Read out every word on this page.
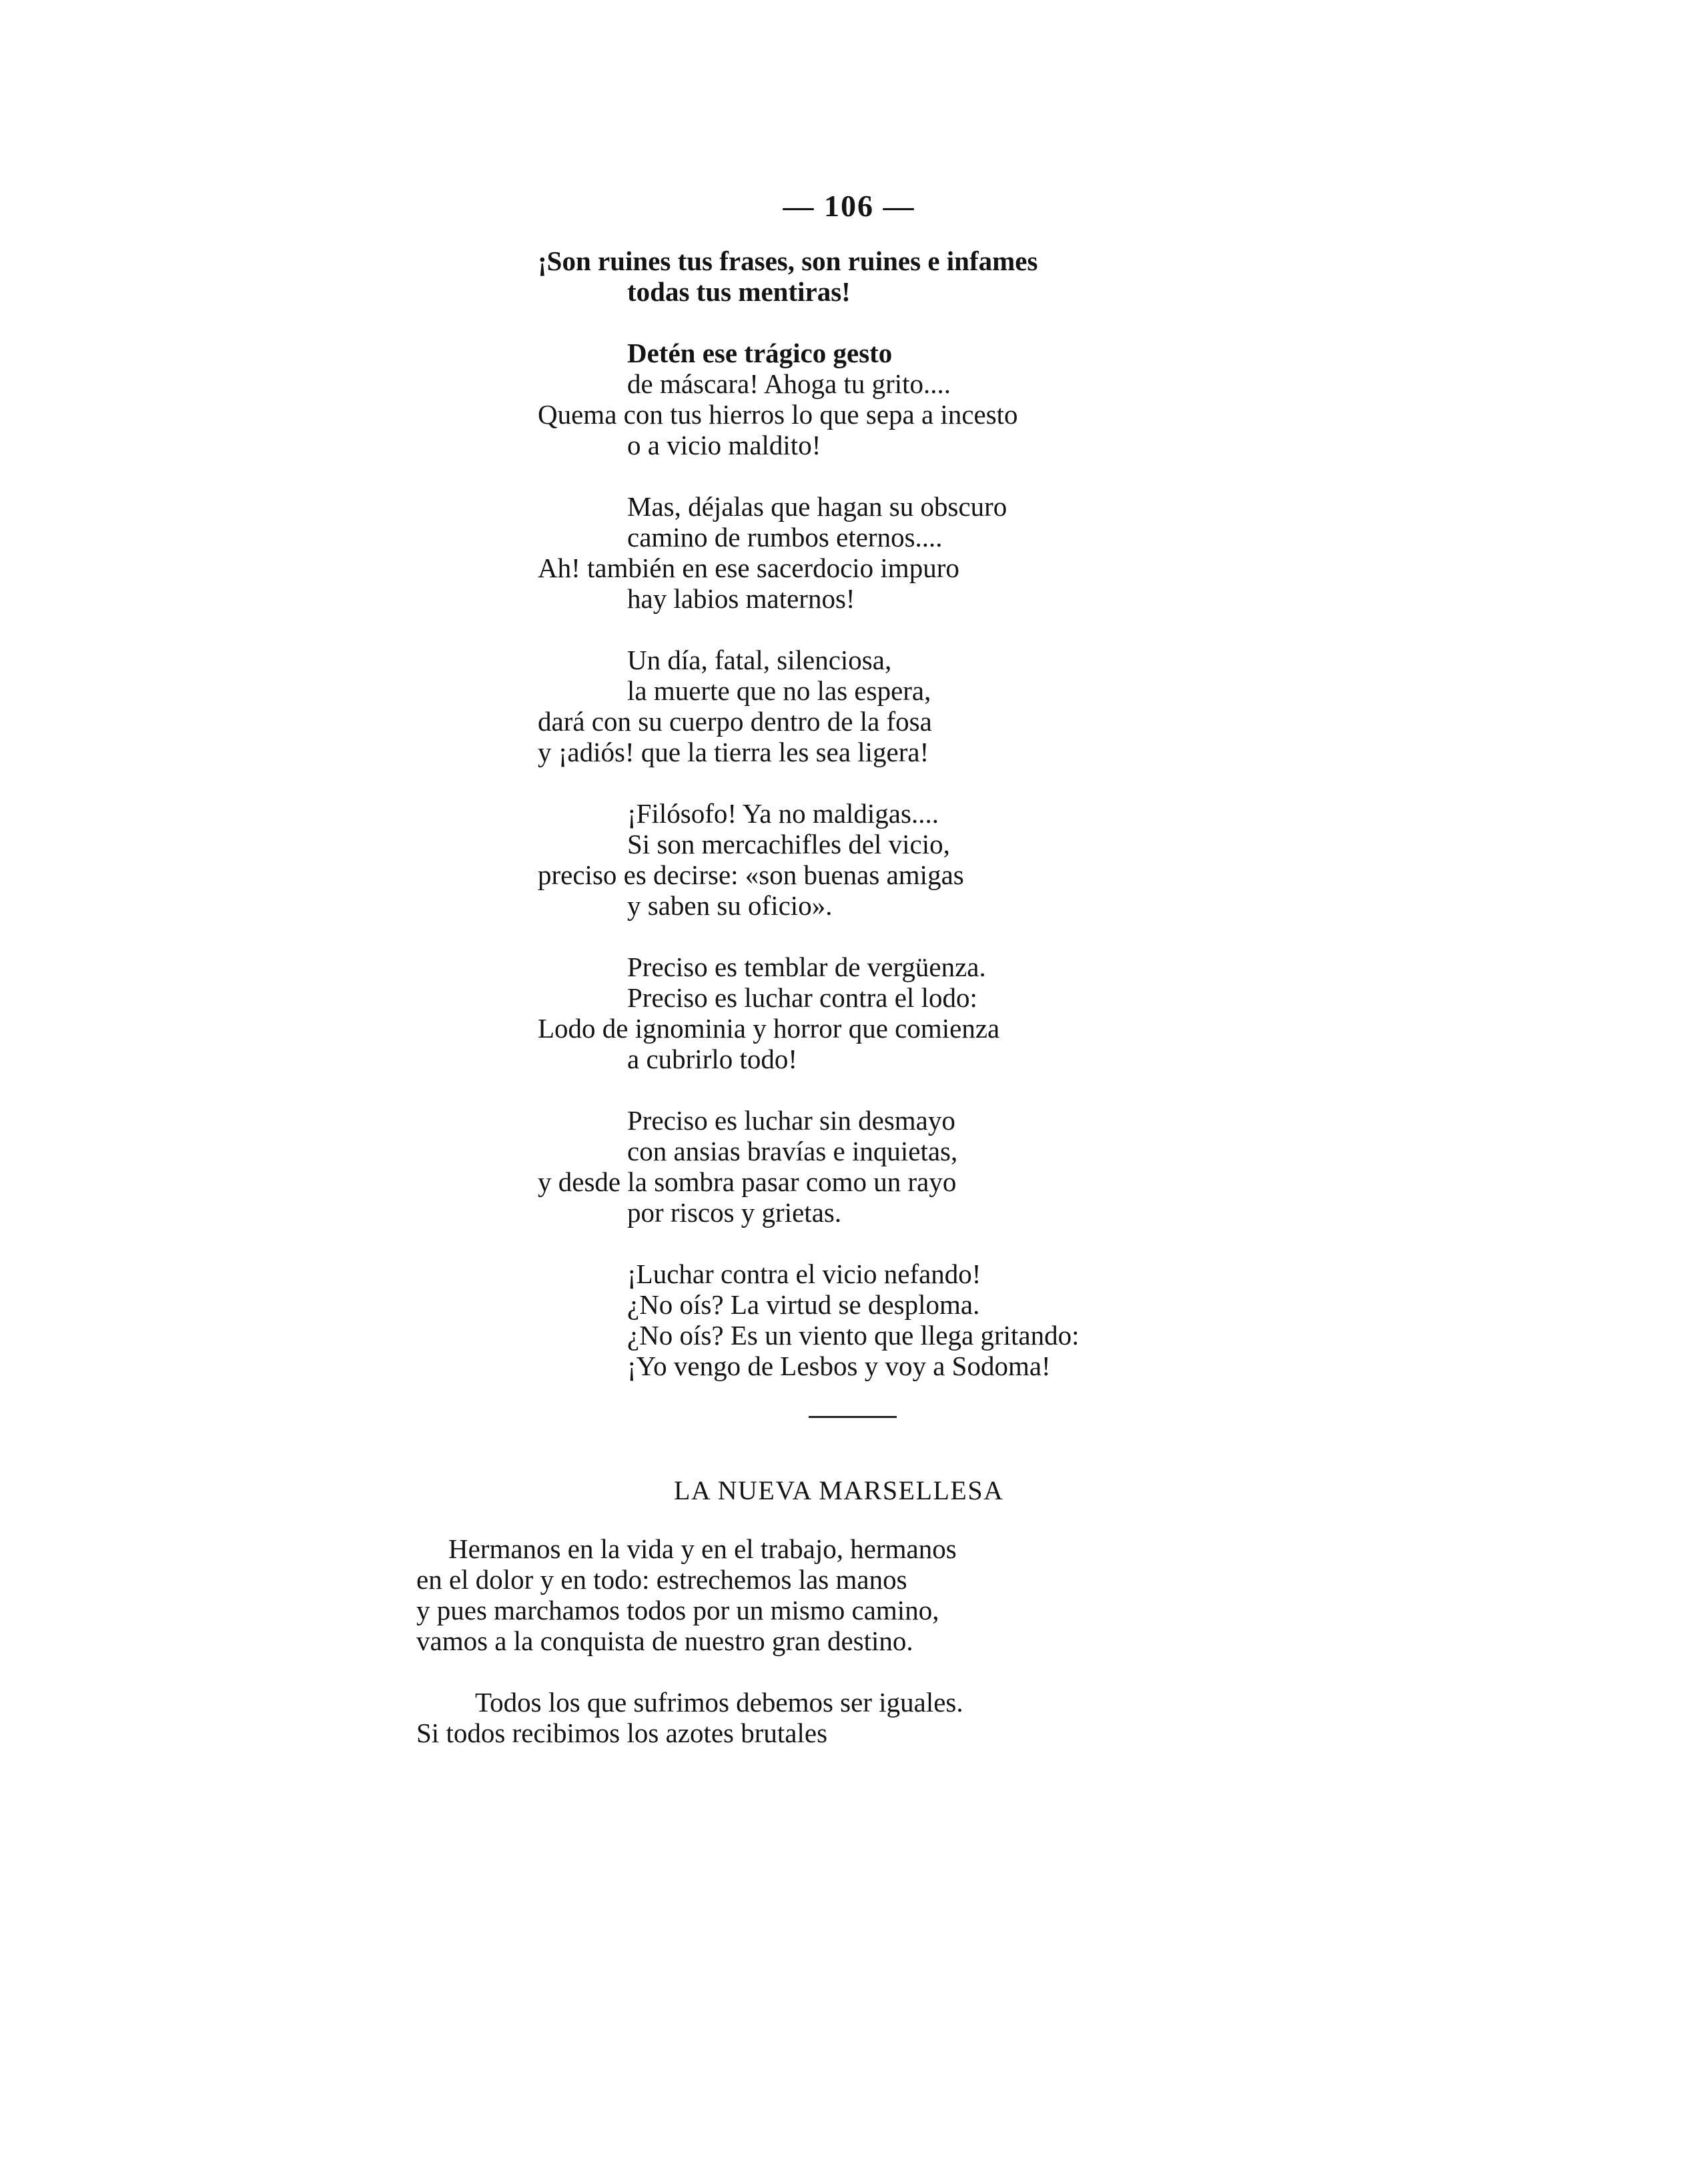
— 106 —
¡Son ruines tus frases, son ruines e infames
todas tus mentiras!
Detén ese trágico gesto
de máscara! Ahoga tu grito....
Quema con tus hierros lo que sepa a incesto
o a vicio maldito!
Mas, déjalas que hagan su obscuro
camino de rumbos eternos....
Ah! también en ese sacerdocio impuro
hay labios maternos!
Un día, fatal, silenciosa,
la muerte que no las espera,
dará con su cuerpo dentro de la fosa
y ¡adiós! que la tierra les sea ligera!
¡Filósofo! Ya no maldigas....
Si son mercachifles del vicio,
preciso es decirse: «son buenas amigas
y saben su oficio».
Preciso es temblar de vergüenza.
Preciso es luchar contra el lodo:
Lodo de ignominia y horror que comienza
a cubrirlo todo!
Preciso es luchar sin desmayo
con ansias bravías e inquietas,
y desde la sombra pasar como un rayo
por riscos y grietas.
¡Luchar contra el vicio nefando!
¿No oís? La virtud se desploma.
¿No oís? Es un viento que llega gritando:
¡Yo vengo de Lesbos y voy a Sodoma!
LA NUEVA MARSELLESA
Hermanos en la vida y en el trabajo, hermanos
en el dolor y en todo: estrechemos las manos
y pues marchamos todos por un mismo camino,
vamos a la conquista de nuestro gran destino.
Todos los que sufrimos debemos ser iguales.
Si todos recibimos los azotes brutales
